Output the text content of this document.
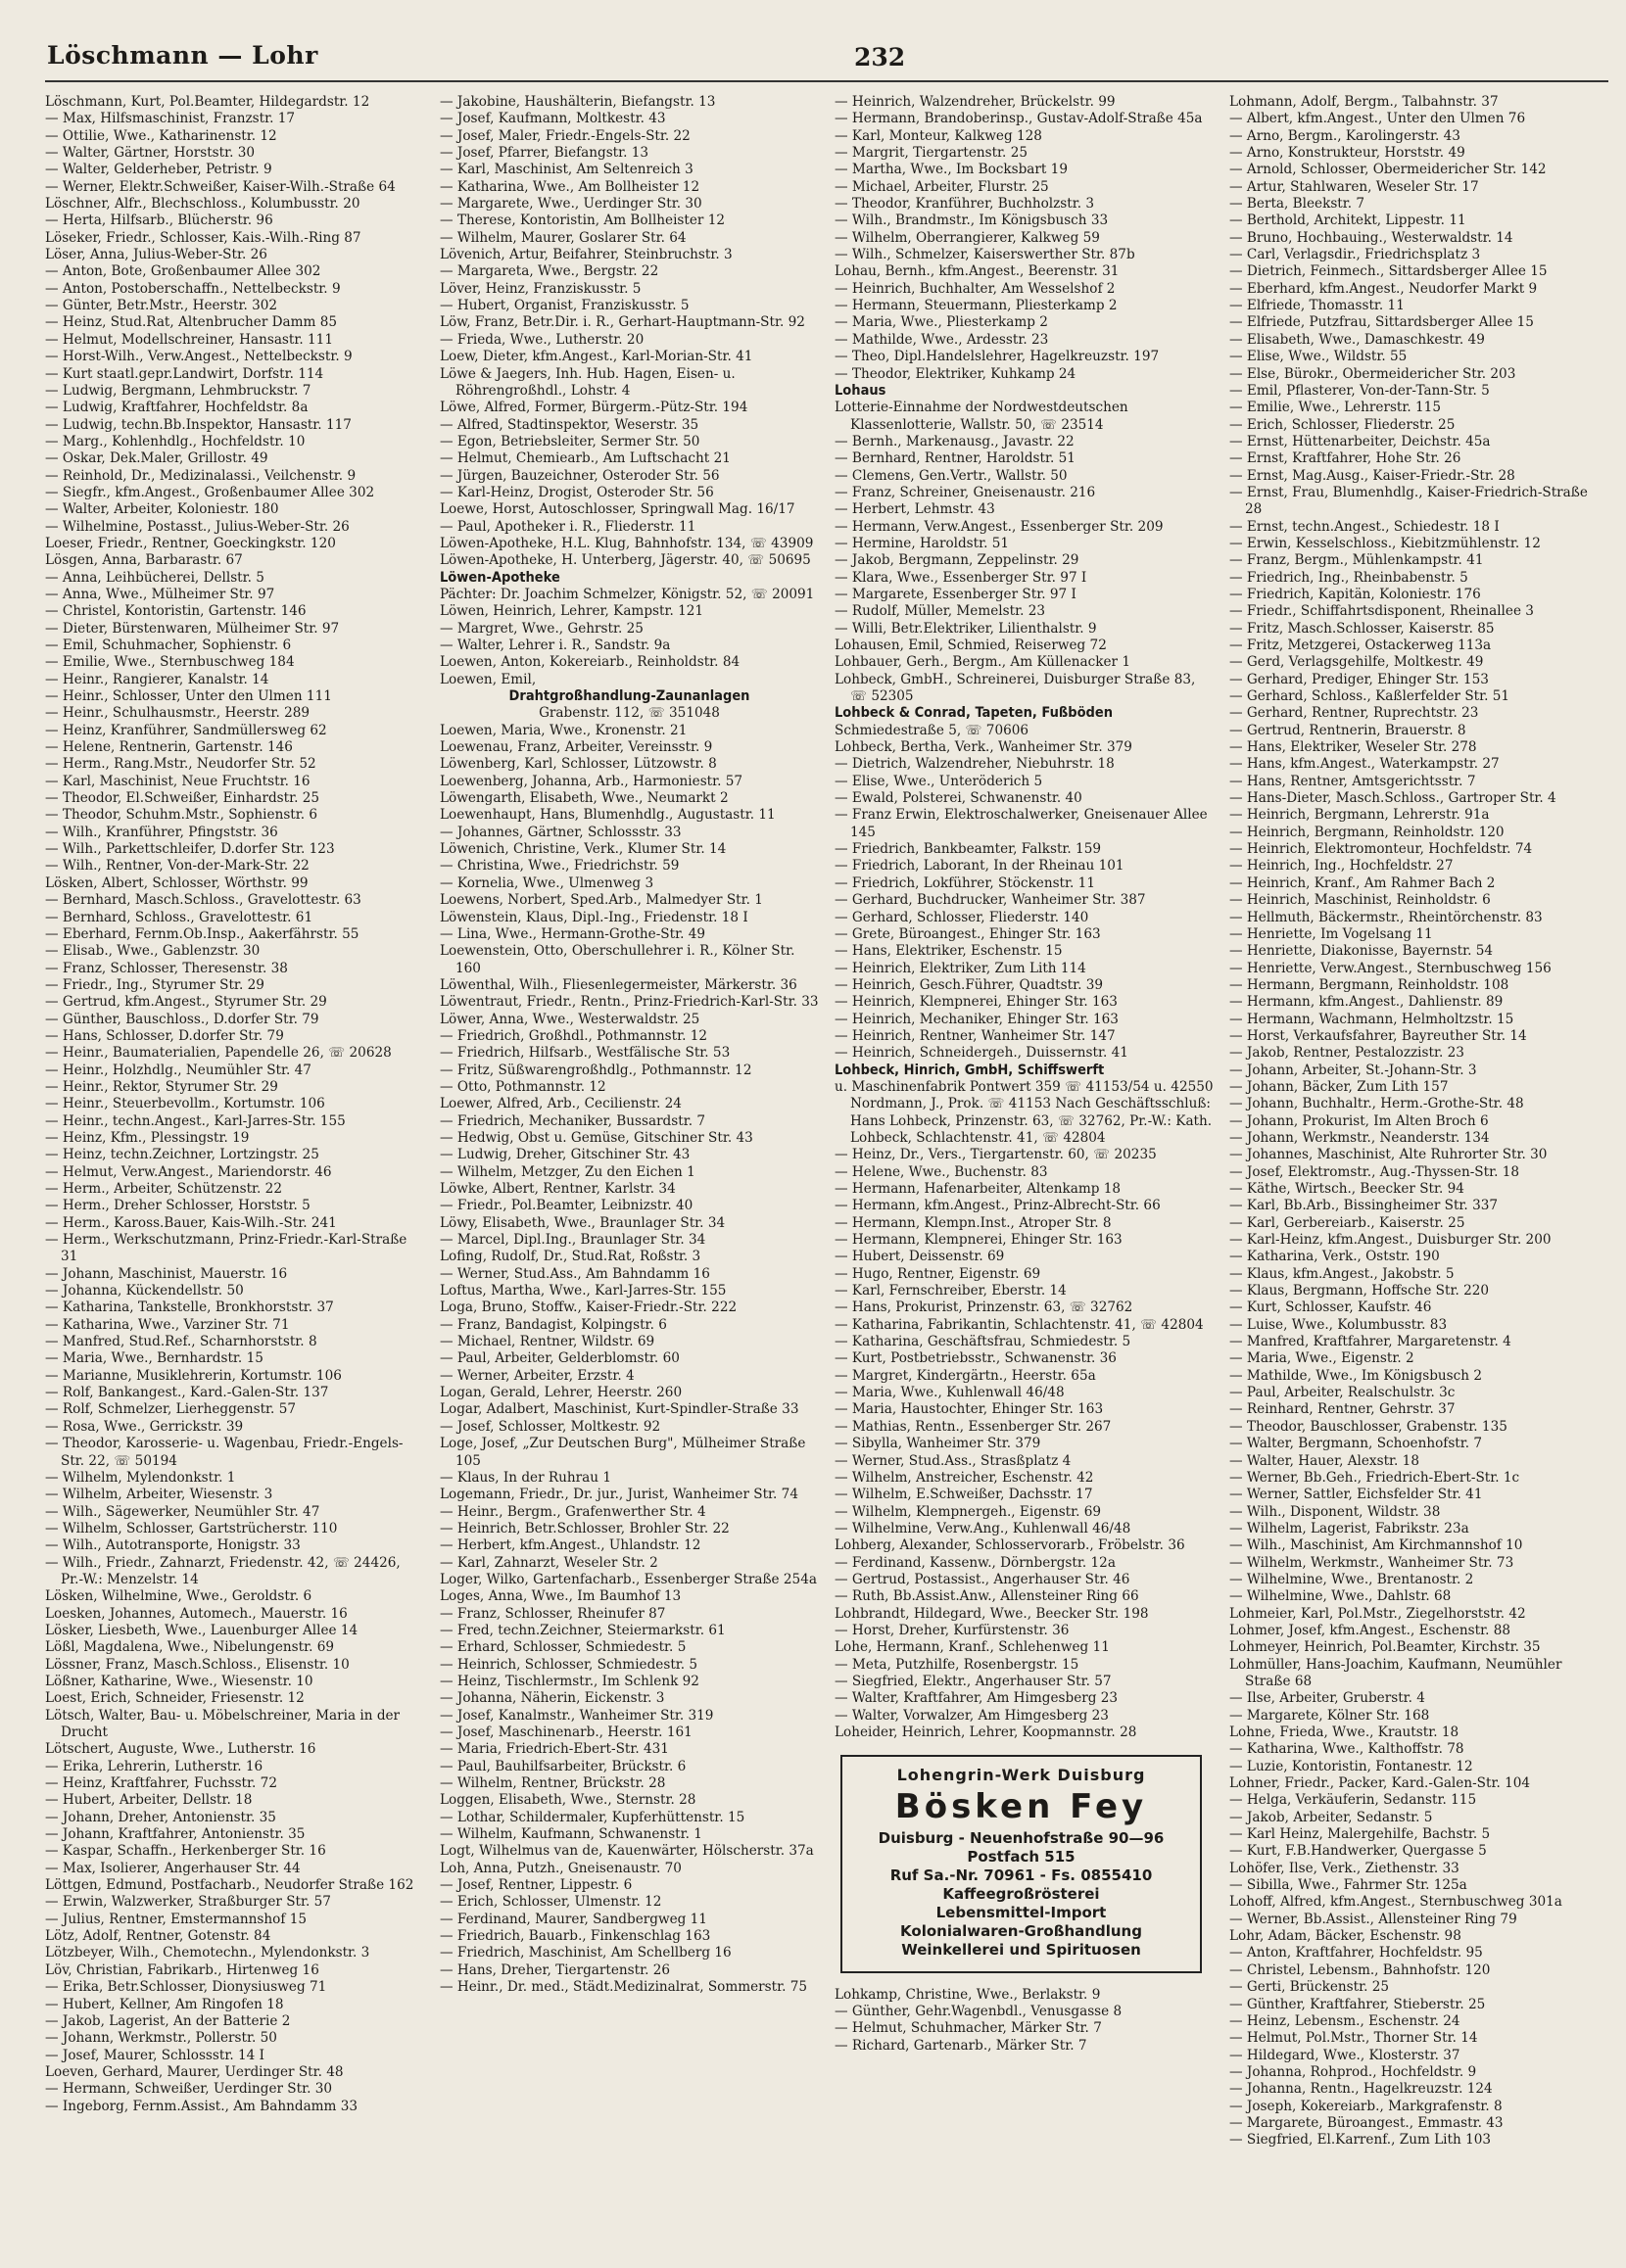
Löschmann — Lohr	232

Löschmann, Kurt, Pol.Beamter, Hildegardstr. 12

— Max, Hilfsmaschinist, Franzstr. 17

— Ottilie, Wwe., Katharinenstr. 12

— Walter, Gärtner, Horststr. 30

— Walter, Gelderheber, Petristr. 9

— Werner, Elektr.Schweißer, Kaiser-Wilh.-Straße 64

Löschner, Alfr., Blechschloss., Kolumbusstr. 20

— Herta, Hilfsarb., Blücherstr. 96

Löseker, Friedr., Schlosser, Kais.-Wilh.-Ring 87

Löser, Anna, Julius-Weber-Str. 26

— Anton, Bote, Großenbaumer Allee 302

— Anton, Postoberschaffn., Nettelbeckstr. 9

— Günter, Betr.Mstr., Heerstr. 302

— Heinz, Stud.Rat, Altenbrucher Damm 85

— Helmut, Modellschreiner, Hansastr. 111

— Horst-Wilh., Verw.Angest., Nettelbeckstr. 9

— Kurt staatl.gepr.Landwirt, Dorfstr. 114

— Ludwig, Bergmann, Lehmbruckstr. 7

— Ludwig, Kraftfahrer, Hochfeldstr. 8a

— Ludwig, techn.Bb.Inspektor, Hansastr. 117

— Marg., Kohlenhdlg., Hochfeldstr. 10

— Oskar, Dek.Maler, Grillostr. 49

— Reinhold, Dr., Medizinalassi., Veilchenstr. 9

— Siegfr., kfm.Angest., Großenbaumer Allee 302

— Walter, Arbeiter, Koloniestr. 180

— Wilhelmine, Postasst., Julius-Weber-Str. 26

Loeser, Friedr., Rentner, Goeckingkstr. 120

Lösgen, Anna, Barbarastr. 67

— Anna, Leihbücherei, Dellstr. 5

— Anna, Wwe., Mülheimer Str. 97

— Christel, Kontoristin, Gartenstr. 146

— Dieter, Bürstenwaren, Mülheimer Str. 97

— Emil, Schuhmacher, Sophienstr. 6

— Emilie, Wwe., Sternbuschweg 184

— Heinr., Rangierer, Kanalstr. 14

— Heinr., Schlosser, Unter den Ulmen 111

— Heinr., Schulhausmstr., Heerstr. 289

— Heinz, Kranführer, Sandmüllersweg 62

— Helene, Rentnerin, Gartenstr. 146

— Herm., Rang.Mstr., Neudorfer Str. 52

— Karl, Maschinist, Neue Fruchtstr. 16

— Theodor, El.Schweißer, Einhardstr. 25

— Theodor, Schuhm.Mstr., Sophienstr. 6

— Wilh., Kranführer, Pfingststr. 36

— Wilh., Parkettschleifer, D.dorfer Str. 123

— Wilh., Rentner, Von-der-Mark-Str. 22

Lösken, Albert, Schlosser, Wörthstr. 99

— Bernhard, Masch.Schloss., Gravelottestr. 63

— Bernhard, Schloss., Gravelottestr. 61

— Eberhard, Fernm.Ob.Insp., Aakerfährstr. 55

— Elisab., Wwe., Gablenzstr. 30

— Franz, Schlosser, Theresenstr. 38

— Friedr., Ing., Styrumer Str. 29

— Gertrud, kfm.Angest., Styrumer Str. 29

— Günther, Bauschloss., D.dorfer Str. 79

— Hans, Schlosser, D.dorfer Str. 79

— Heinr., Baumaterialien, Papendelle 26, ☏ 20628

— Heinr., Holzhdlg., Neumühler Str. 47

— Heinr., Rektor, Styrumer Str. 29

— Heinr., Steuerbevollm., Kortumstr. 106

— Heinr., techn.Angest., Karl-Jarres-Str. 155

— Heinz, Kfm., Plessingstr. 19

— Heinz, techn.Zeichner, Lortzingstr. 25

— Helmut, Verw.Angest., Mariendorstr. 46

— Herm., Arbeiter, Schützenstr. 22

— Herm., Dreher Schlosser, Horststr. 5

— Herm., Kaross.Bauer, Kais-Wilh.-Str. 241

— Herm., Werkschutzmann, Prinz-Friedr.-Karl-Straße 31

— Johann, Maschinist, Mauerstr. 16

— Johanna, Kückendellstr. 50

— Katharina, Tankstelle, Bronkhorststr. 37

— Katharina, Wwe., Varziner Str. 71

— Manfred, Stud.Ref., Scharnhorststr. 8

— Maria, Wwe., Bernhardstr. 15

— Marianne, Musiklehrerin, Kortumstr. 106

— Rolf, Bankangest., Kard.-Galen-Str. 137

— Rolf, Schmelzer, Lierheggenstr. 57

— Rosa, Wwe., Gerrickstr. 39

— Theodor, Karosserie- u. Wagenbau, Friedr.-Engels-Str. 22, ☏ 50194

— Wilhelm, Mylendonkstr. 1

— Wilhelm, Arbeiter, Wiesenstr. 3

— Wilh., Sägewerker, Neumühler Str. 47

— Wilhelm, Schlosser, Gartstrücherstr. 110

— Wilh., Autotransporte, Honigstr. 33

— Wilh., Friedr., Zahnarzt, Friedenstr. 42, ☏ 24426, Pr.-W.: Menzelstr. 14

Lösken, Wilhelmine, Wwe., Geroldstr. 6

Loesken, Johannes, Automech., Mauerstr. 16

Lösker, Liesbeth, Wwe., Lauenburger Allee 14

Lößl, Magdalena, Wwe., Nibelungenstr. 69

Lössner, Franz, Masch.Schloss., Elisenstr. 10

Lößner, Katharine, Wwe., Wiesenstr. 10

Loest, Erich, Schneider, Friesenstr. 12

Lötsch, Walter, Bau- u. Möbelschreiner, Maria in der Drucht

Lötschert, Auguste, Wwe., Lutherstr. 16

— Erika, Lehrerin, Lutherstr. 16

— Heinz, Kraftfahrer, Fuchsstr. 72

— Hubert, Arbeiter, Dellstr. 18

— Johann, Dreher, Antonienstr. 35

— Johann, Kraftfahrer, Antonienstr. 35

— Kaspar, Schaffn., Herkenberger Str. 16

— Max, Isolierer, Angerhauser Str. 44

Löttgen, Edmund, Postfacharb., Neudorfer Straße 162

— Erwin, Walzwerker, Straßburger Str. 57

— Julius, Rentner, Emstermannshof 15

Lötz, Adolf, Rentner, Gotenstr. 84

Lötzbeyer, Wilh., Chemotechn., Mylendonkstr. 3

Löv, Christian, Fabrikarb., Hirtenweg 16

— Erika, Betr.Schlosser, Dionysiusweg 71

— Hubert, Kellner, Am Ringofen 18

— Jakob, Lagerist, An der Batterie 2

— Johann, Werkmstr., Pollerstr. 50

— Josef, Maurer, Schlossstr. 14 I

Loeven, Gerhard, Maurer, Uerdinger Str. 48

— Hermann, Schweißer, Uerdinger Str. 30

— Ingeborg, Fernm.Assist., Am Bahndamm 33

— Jakobine, Haushälterin, Biefangstr. 13

— Josef, Kaufmann, Moltkestr. 43

— Josef, Maler, Friedr.-Engels-Str. 22

— Josef, Pfarrer, Biefangstr. 13

— Karl, Maschinist, Am Seltenreich 3

— Katharina, Wwe., Am Bollheister 12

— Margarete, Wwe., Uerdinger Str. 30

— Therese, Kontoristin, Am Bollheister 12

— Wilhelm, Maurer, Goslarer Str. 64

Lövenich, Artur, Beifahrer, Steinbruchstr. 3

— Margareta, Wwe., Bergstr. 22

Löver, Heinz, Franziskusstr. 5

— Hubert, Organist, Franziskusstr. 5

Löw, Franz, Betr.Dir. i. R., Gerhart-Hauptmann-Str. 92

— Frieda, Wwe., Lutherstr. 20

Loew, Dieter, kfm.Angest., Karl-Morian-Str. 41

Löwe & Jaegers, Inh. Hub. Hagen, Eisen- u. Röhrengroßhdl., Lohstr. 4

Löwe, Alfred, Former, Bürgerm.-Pütz-Str. 194

— Alfred, Stadtinspektor, Weserstr. 35

— Egon, Betriebsleiter, Sermer Str. 50

— Helmut, Chemiearb., Am Luftschacht 21

— Jürgen, Bauzeichner, Osteroder Str. 56

— Karl-Heinz, Drogist, Osteroder Str. 56

Loewe, Horst, Autoschlosser, Springwall Mag. 16/17

— Paul, Apotheker i. R., Fliederstr. 11

Löwen-Apotheke, H.L. Klug, Bahnhofstr. 134, ☏ 43909

Löwen-Apotheke, H. Unterberg, Jägerstr. 40, ☏ 50695

Löwen-Apotheke

Pächter: Dr. Joachim Schmelzer, Königstr. 52, ☏ 20091

Löwen, Heinrich, Lehrer, Kampstr. 121

— Margret, Wwe., Gehrstr. 25

— Walter, Lehrer i. R., Sandstr. 9a

Loewen, Anton, Kokereiarb., Reinholdstr. 84

Loewen, Emil,

Drahtgroßhandlung-Zaunanlagen

Grabenstr. 112, ☏ 351048

Loewen, Maria, Wwe., Kronenstr. 21

Loewenau, Franz, Arbeiter, Vereinsstr. 9

Löwenberg, Karl, Schlosser, Lützowstr. 8

Loewenberg, Johanna, Arb., Harmoniestr. 57

Löwengarth, Elisabeth, Wwe., Neumarkt 2

Loewenhaupt, Hans, Blumenhdlg., Augustastr. 11

— Johannes, Gärtner, Schlossstr. 33

Löwenich, Christine, Verk., Klumer Str. 14

— Christina, Wwe., Friedrichstr. 59

— Kornelia, Wwe., Ulmenweg 3

Loewens, Norbert, Sped.Arb., Malmedyer Str. 1

Löwenstein, Klaus, Dipl.-Ing., Friedenstr. 18 I

— Lina, Wwe., Hermann-Grothe-Str. 49

Loewenstein, Otto, Oberschullehrer i. R., Kölner Str. 160

Löwenthal, Wilh., Fliesenlegermeister, Märkerstr. 36

Löwentraut, Friedr., Rentn., Prinz-Friedrich-Karl-Str. 33

Löwer, Anna, Wwe., Westerwaldstr. 25

— Friedrich, Großhdl., Pothmannstr. 12

— Friedrich, Hilfsarb., Westfälische Str. 53

— Fritz, Süßwarengroßhdlg., Pothmannstr. 12

— Otto, Pothmannstr. 12

Loewer, Alfred, Arb., Cecilienstr. 24

— Friedrich, Mechaniker, Bussardstr. 7

— Hedwig, Obst u. Gemüse, Gitschiner Str. 43

— Ludwig, Dreher, Gitschiner Str. 43

— Wilhelm, Metzger, Zu den Eichen 1

Löwke, Albert, Rentner, Karlstr. 34

— Friedr., Pol.Beamter, Leibnizstr. 40

Löwy, Elisabeth, Wwe., Braunlager Str. 34

— Marcel, Dipl.Ing., Braunlager Str. 34

Lofing, Rudolf, Dr., Stud.Rat, Roßstr. 3

— Werner, Stud.Ass., Am Bahndamm 16

Loftus, Martha, Wwe., Karl-Jarres-Str. 155

Loga, Bruno, Stoffw., Kaiser-Friedr.-Str. 222

— Franz, Bandagist, Kolpingstr. 6

— Michael, Rentner, Wildstr. 69

— Paul, Arbeiter, Gelderblomstr. 60

— Werner, Arbeiter, Erzstr. 4

Logan, Gerald, Lehrer, Heerstr. 260

Logar, Adalbert, Maschinist, Kurt-Spindler-Straße 33

— Josef, Schlosser, Moltkestr. 92

Loge, Josef, „Zur Deutschen Burg", Mülheimer Straße 105

— Klaus, In der Ruhrau 1

Logemann, Friedr., Dr. jur., Jurist, Wanheimer Str. 74

— Heinr., Bergm., Grafenwerther Str. 4

— Heinrich, Betr.Schlosser, Brohler Str. 22

— Herbert, kfm.Angest., Uhlandstr. 12

— Karl, Zahnarzt, Weseler Str. 2

Loger, Wilko, Gartenfacharb., Essenberger Straße 254a

Loges, Anna, Wwe., Im Baumhof 13

— Franz, Schlosser, Rheinufer 87

— Fred, techn.Zeichner, Steiermarkstr. 61

— Erhard, Schlosser, Schmiedestr. 5

— Heinrich, Schlosser, Schmiedestr. 5

— Heinz, Tischlermstr., Im Schlenk 92

— Johanna, Näherin, Eickenstr. 3

— Josef, Kanalmstr., Wanheimer Str. 319

— Josef, Maschinenarb., Heerstr. 161

— Maria, Friedrich-Ebert-Str. 431

— Paul, Bauhilfsarbeiter, Brückstr. 6

— Wilhelm, Rentner, Brückstr. 28

Loggen, Elisabeth, Wwe., Sternstr. 28

— Lothar, Schildermaler, Kupferhüttenstr. 15

— Wilhelm, Kaufmann, Schwanenstr. 1

Logt, Wilhelmus van de, Kauenwärter, Hölscherstr. 37a

Loh, Anna, Putzh., Gneisenaustr. 70

— Josef, Rentner, Lippestr. 6

— Erich, Schlosser, Ulmenstr. 12

— Ferdinand, Maurer, Sandbergweg 11

— Friedrich, Bauarb., Finkenschlag 163

— Friedrich, Maschinist, Am Schellberg 16

— Hans, Dreher, Tiergartenstr. 26

— Heinr., Dr. med., Städt.Medizinalrat, Sommerstr. 75

— Heinrich, Walzendreher, Brückelstr. 99

— Hermann, Brandoberinsp., Gustav-Adolf-Straße 45a

— Karl, Monteur, Kalkweg 128

— Margrit, Tiergartenstr. 25

— Martha, Wwe., Im Bocksbart 19

— Michael, Arbeiter, Flurstr. 25

— Theodor, Kranführer, Buchholzstr. 3

— Wilh., Brandmstr., Im Königsbusch 33

— Wilhelm, Oberrangierer, Kalkweg 59

— Wilh., Schmelzer, Kaiserswerther Str. 87b

Lohau, Bernh., kfm.Angest., Beerenstr. 31

— Heinrich, Buchhalter, Am Wesselshof 2

— Hermann, Steuermann, Pliesterkamp 2

— Maria, Wwe., Pliesterkamp 2

— Mathilde, Wwe., Ardesstr. 23

— Theo, Dipl.Handelslehrer, Hagelkreuzstr. 197

— Theodor, Elektriker, Kuhkamp 24

Lohaus

Lotterie-Einnahme der Nordwestdeutschen Klassenlotterie, Wallstr. 50, ☏ 23514

— Bernh., Markenausg., Javastr. 22

— Bernhard, Rentner, Haroldstr. 51

— Clemens, Gen.Vertr., Wallstr. 50

— Franz, Schreiner, Gneisenaustr. 216

— Herbert, Lehmstr. 43

— Hermann, Verw.Angest., Essenberger Str. 209

— Hermine, Haroldstr. 51

— Jakob, Bergmann, Zeppelinstr. 29

— Klara, Wwe., Essenberger Str. 97 I

— Margarete, Essenberger Str. 97 I

— Rudolf, Müller, Memelstr. 23

— Willi, Betr.Elektriker, Lilienthalstr. 9

Lohausen, Emil, Schmied, Reiserweg 72

Lohbauer, Gerh., Bergm., Am Küllenacker 1

Lohbeck, GmbH., Schreinerei, Duisburger Straße 83, ☏ 52305

Lohbeck & Conrad, Tapeten, Fußböden

Schmiedestraße 5, ☏ 70606

Lohbeck, Bertha, Verk., Wanheimer Str. 379

— Dietrich, Walzendreher, Niebuhrstr. 18

— Elise, Wwe., Unteröderich 5

— Ewald, Polsterei, Schwanenstr. 40

— Franz Erwin, Elektroschalwerker, Gneisenauer Allee 145

— Friedrich, Bankbeamter, Falkstr. 159

— Friedrich, Laborant, In der Rheinau 101

— Friedrich, Lokführer, Stöckenstr. 11

— Gerhard, Buchdrucker, Wanheimer Str. 387

— Gerhard, Schlosser, Fliederstr. 140

— Grete, Büroangest., Ehinger Str. 163

— Hans, Elektriker, Eschenstr. 15

— Heinrich, Elektriker, Zum Lith 114

— Heinrich, Gesch.Führer, Quadtstr. 39

— Heinrich, Klempnerei, Ehinger Str. 163

— Heinrich, Mechaniker, Ehinger Str. 163

— Heinrich, Rentner, Wanheimer Str. 147

— Heinrich, Schneidergeh., Duissernstr. 41

Lohbeck, Hinrich, GmbH, Schiffswerft

u. Maschinenfabrik Pontwert 359 ☏ 41153/54 u. 42550 Nordmann, J., Prok. ☏ 41153 Nach Geschäftsschluß: Hans Lohbeck, Prinzenstr. 63, ☏ 32762, Pr.-W.: Kath. Lohbeck, Schlachtenstr. 41, ☏ 42804

— Heinz, Dr., Vers., Tiergartenstr. 60, ☏ 20235

— Helene, Wwe., Buchenstr. 83

— Hermann, Hafenarbeiter, Altenkamp 18

— Hermann, kfm.Angest., Prinz-Albrecht-Str. 66

— Hermann, Klempn.Inst., Atroper Str. 8

— Hermann, Klempnerei, Ehinger Str. 163

— Hubert, Deissenstr. 69

— Hugo, Rentner, Eigenstr. 69

— Karl, Fernschreiber, Eberstr. 14

— Hans, Prokurist, Prinzenstr. 63, ☏ 32762

— Katharina, Fabrikantin, Schlachtenstr. 41, ☏ 42804

— Katharina, Geschäftsfrau, Schmiedestr. 5

— Kurt, Postbetriebsstr., Schwanenstr. 36

— Margret, Kindergärtn., Heerstr. 65a

— Maria, Wwe., Kuhlenwall 46/48

— Maria, Haustochter, Ehinger Str. 163

— Mathias, Rentn., Essenberger Str. 267

— Sibylla, Wanheimer Str. 379

— Werner, Stud.Ass., Strasßplatz 4

— Wilhelm, Anstreicher, Eschenstr. 42

— Wilhelm, E.Schweißer, Dachsstr. 17

— Wilhelm, Klempnergeh., Eigenstr. 69

— Wilhelmine, Verw.Ang., Kuhlenwall 46/48

Lohberg, Alexander, Schlosservorarb., Fröbelstr. 36

— Ferdinand, Kassenw., Dörnbergstr. 12a

— Gertrud, Postassist., Angerhauser Str. 46

— Ruth, Bb.Assist.Anw., Allensteiner Ring 66

Lohbrandt, Hildegard, Wwe., Beecker Str. 198

— Horst, Dreher, Kurfürstenstr. 36

Lohe, Hermann, Kranf., Schlehenweg 11

— Meta, Putzhilfe, Rosenbergstr. 15

— Siegfried, Elektr., Angerhauser Str. 57

— Walter, Kraftfahrer, Am Himgesberg 23

— Walter, Vorwalzer, Am Himgesberg 23

Loheider, Heinrich, Lehrer, Koopmannstr. 28

Lohengrin-Werk Duisburg
Bösken Fey
Duisburg - Neuenhofstraße 90—96
Postfach 515
Ruf Sa.-Nr. 70961 - Fs. 0855410
Kaffeegroßrösterei
Lebensmittel-Import
Kolonialwaren-Großhandlung
Weinkellerei und Spirituosen

Lohkamp, Christine, Wwe., Berlakstr. 9

— Günther, Gehr.Wagenbdl., Venusgasse 8

— Helmut, Schuhmacher, Märker Str. 7

— Richard, Gartenarb., Märker Str. 7

Lohmann, Adolf, Bergm., Talbahnstr. 37

— Albert, kfm.Angest., Unter den Ulmen 76

— Arno, Bergm., Karolingerstr. 43

— Arno, Konstrukteur, Horststr. 49

— Arnold, Schlosser, Obermeidericher Str. 142

— Artur, Stahlwaren, Weseler Str. 17

— Berta, Bleekstr. 7

— Berthold, Architekt, Lippestr. 11

— Bruno, Hochbauing., Westerwaldstr. 14

— Carl, Verlagsdir., Friedrichsplatz 3

— Dietrich, Feinmech., Sittardsberger Allee 15

— Eberhard, kfm.Angest., Neudorfer Markt 9

— Elfriede, Thomasstr. 11

— Elfriede, Putzfrau, Sittardsberger Allee 15

— Elisabeth, Wwe., Damaschkestr. 49

— Elise, Wwe., Wildstr. 55

— Else, Bürokr., Obermeidericher Str. 203

— Emil, Pflasterer, Von-der-Tann-Str. 5

— Emilie, Wwe., Lehrerstr. 115

— Erich, Schlosser, Fliederstr. 25

— Ernst, Hüttenarbeiter, Deichstr. 45a

— Ernst, Kraftfahrer, Hohe Str. 26

— Ernst, Mag.Ausg., Kaiser-Friedr.-Str. 28

— Ernst, Frau, Blumenhdlg., Kaiser-Friedrich-Straße 28

— Ernst, techn.Angest., Schiedestr. 18 I

— Erwin, Kesselschloss., Kiebitzmühlenstr. 12

— Franz, Bergm., Mühlenkampstr. 41

— Friedrich, Ing., Rheinbabenstr. 5

— Friedrich, Kapitän, Koloniestr. 176

— Friedr., Schiffahrtsdisponent, Rheinallee 3

— Fritz, Masch.Schlosser, Kaiserstr. 85

— Fritz, Metzgerei, Ostackerweg 113a

— Gerd, Verlagsgehilfe, Moltkestr. 49

— Gerhard, Prediger, Ehinger Str. 153

— Gerhard, Schloss., Kaßlerfelder Str. 51

— Gerhard, Rentner, Ruprechtstr. 23

— Gertrud, Rentnerin, Brauerstr. 8

— Hans, Elektriker, Weseler Str. 278

— Hans, kfm.Angest., Waterkampstr. 27

— Hans, Rentner, Amtsgerichtsstr. 7

— Hans-Dieter, Masch.Schloss., Gartroper Str. 4

— Heinrich, Bergmann, Lehrerstr. 91a

— Heinrich, Bergmann, Reinholdstr. 120

— Heinrich, Elektromonteur, Hochfeldstr. 74

— Heinrich, Ing., Hochfeldstr. 27

— Heinrich, Kranf., Am Rahmer Bach 2

— Heinrich, Maschinist, Reinholdstr. 6

— Hellmuth, Bäckermstr., Rheintörchenstr. 83

— Henriette, Im Vogelsang 11

— Henriette, Diakonisse, Bayernstr. 54

— Henriette, Verw.Angest., Sternbuschweg 156

— Hermann, Bergmann, Reinholdstr. 108

— Hermann, kfm.Angest., Dahlienstr. 89

— Hermann, Wachmann, Helmholtzstr. 15

— Horst, Verkaufsfahrer, Bayreuther Str. 14

— Jakob, Rentner, Pestalozzistr. 23

— Johann, Arbeiter, St.-Johann-Str. 3

— Johann, Bäcker, Zum Lith 157

— Johann, Buchhaltr., Herm.-Grothe-Str. 48

— Johann, Prokurist, Im Alten Broch 6

— Johann, Werkmstr., Neanderstr. 134

— Johannes, Maschinist, Alte Ruhrorter Str. 30

— Josef, Elektromstr., Aug.-Thyssen-Str. 18

— Käthe, Wirtsch., Beecker Str. 94

— Karl, Bb.Arb., Bissingheimer Str. 337

— Karl, Gerbereiarb., Kaiserstr. 25

— Karl-Heinz, kfm.Angest., Duisburger Str. 200

— Katharina, Verk., Oststr. 190

— Klaus, kfm.Angest., Jakobstr. 5

— Klaus, Bergmann, Hoffsche Str. 220

— Kurt, Schlosser, Kaufstr. 46

— Luise, Wwe., Kolumbusstr. 83

— Manfred, Kraftfahrer, Margaretenstr. 4

— Maria, Wwe., Eigenstr. 2

— Mathilde, Wwe., Im Königsbusch 2

— Paul, Arbeiter, Realschulstr. 3c

— Reinhard, Rentner, Gehrstr. 37

— Theodor, Bauschlosser, Grabenstr. 135

— Walter, Bergmann, Schoenhofstr. 7

— Walter, Hauer, Alexstr. 18

— Werner, Bb.Geh., Friedrich-Ebert-Str. 1c

— Werner, Sattler, Eichsfelder Str. 41

— Wilh., Disponent, Wildstr. 38

— Wilhelm, Lagerist, Fabrikstr. 23a

— Wilh., Maschinist, Am Kirchmannshof 10

— Wilhelm, Werkmstr., Wanheimer Str. 73

— Wilhelmine, Wwe., Brentanostr. 2

— Wilhelmine, Wwe., Dahlstr. 68

Lohmeier, Karl, Pol.Mstr., Ziegelhorststr. 42

Lohmer, Josef, kfm.Angest., Eschenstr. 88

Lohmeyer, Heinrich, Pol.Beamter, Kirchstr. 35

Lohmüller, Hans-Joachim, Kaufmann, Neumühler Straße 68

— Ilse, Arbeiter, Gruberstr. 4

— Margarete, Kölner Str. 168

Lohne, Frieda, Wwe., Krautstr. 18

— Katharina, Wwe., Kalthoffstr. 78

— Luzie, Kontoristin, Fontanestr. 12

Lohner, Friedr., Packer, Kard.-Galen-Str. 104

— Helga, Verkäuferin, Sedanstr. 115

— Jakob, Arbeiter, Sedanstr. 5

— Karl Heinz, Malergehilfe, Bachstr. 5

— Kurt, F.B.Handwerker, Quergasse 5

Lohöfer, Ilse, Verk., Ziethenstr. 33

— Sibilla, Wwe., Fahrmer Str. 125a

Lohoff, Alfred, kfm.Angest., Sternbuschweg 301a

— Werner, Bb.Assist., Allensteiner Ring 79

Lohr, Adam, Bäcker, Eschenstr. 98

— Anton, Kraftfahrer, Hochfeldstr. 95

— Christel, Lebensm., Bahnhofstr. 120

— Gerti, Brückenstr. 25

— Günther, Kraftfahrer, Stieberstr. 25

— Heinz, Lebensm., Eschenstr. 24

— Helmut, Pol.Mstr., Thorner Str. 14

— Hildegard, Wwe., Klosterstr. 37

— Johanna, Rohprod., Hochfeldstr. 9

— Johanna, Rentn., Hagelkreuzstr. 124

— Joseph, Kokereiarb., Markgrafenstr. 8

— Margarete, Büroangest., Emmastr. 43

— Siegfried, El.Karrenf., Zum Lith 103
